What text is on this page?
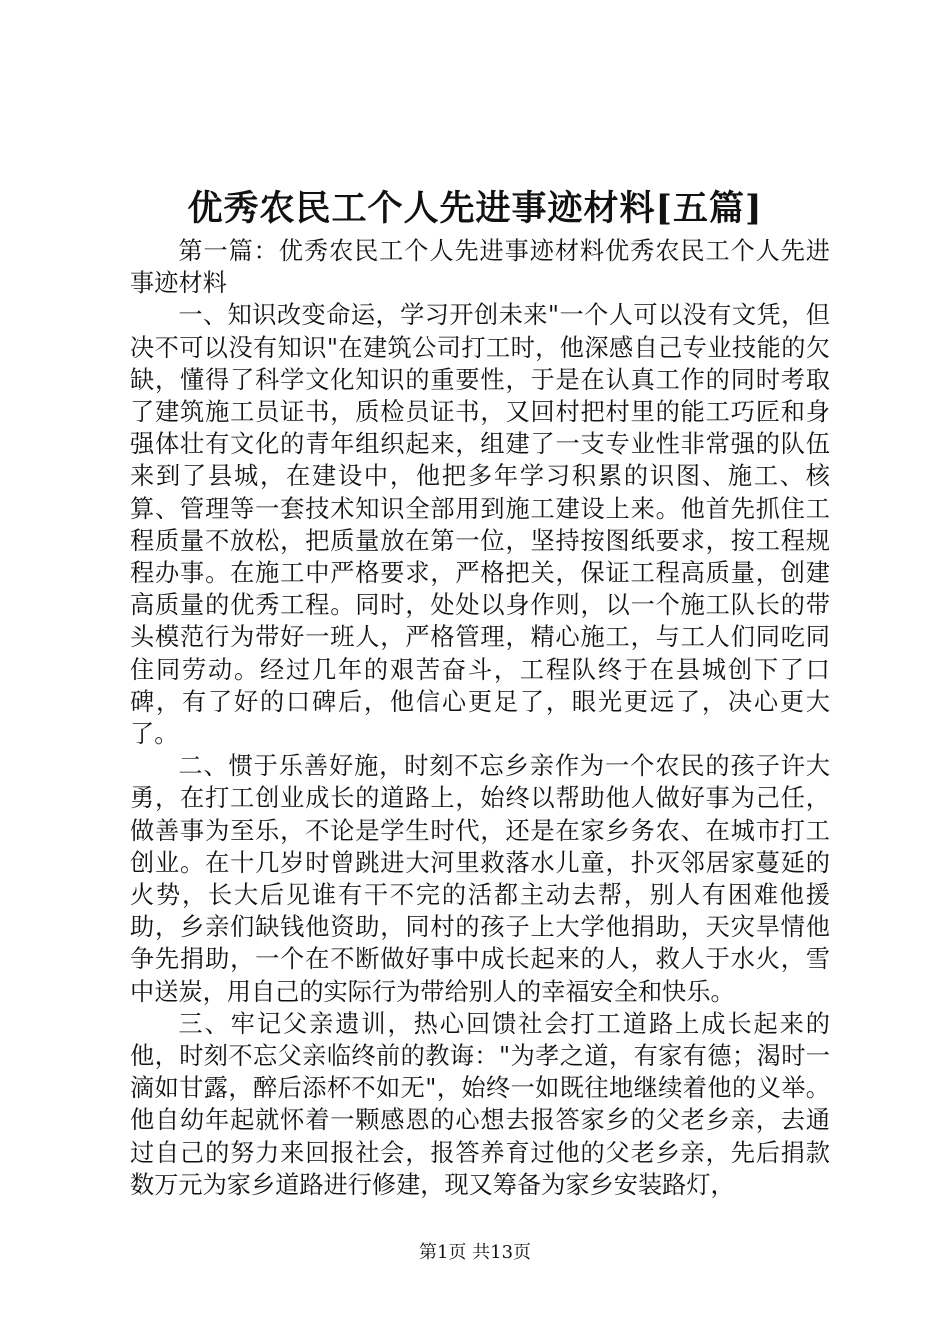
优秀农民工个人先进事迹材料[五篇]

第一篇：优秀农民工个人先进事迹材料优秀农民工个人先进事迹材料

一、知识改变命运，学习开创未来"一个人可以没有文凭，但决不可以没有知识"在建筑公司打工时，他深感自己专业技能的欠缺，懂得了科学文化知识的重要性，于是在认真工作的同时考取了建筑施工员证书，质检员证书，又回村把村里的能工巧匠和身强体壮有文化的青年组织起来，组建了一支专业性非常强的队伍来到了县城，在建设中，他把多年学习积累的识图、施工、核算、管理等一套技术知识全部用到施工建设上来。他首先抓住工程质量不放松，把质量放在第一位，坚持按图纸要求，按工程规程办事。在施工中严格要求，严格把关，保证工程高质量，创建高质量的优秀工程。同时，处处以身作则，以一个施工队长的带头模范行为带好一班人，严格管理，精心施工，与工人们同吃同住同劳动。经过几年的艰苦奋斗，工程队终于在县城创下了口碑，有了好的口碑后，他信心更足了，眼光更远了，决心更大了。

二、惯于乐善好施，时刻不忘乡亲作为一个农民的孩子许大勇，在打工创业成长的道路上，始终以帮助他人做好事为己任，做善事为至乐，不论是学生时代，还是在家乡务农、在城市打工创业。在十几岁时曾跳进大河里救落水儿童，扑灭邻居家蔓延的火势，长大后见谁有干不完的活都主动去帮，别人有困难他援助，乡亲们缺钱他资助，同村的孩子上大学他捐助，天灾旱情他争先捐助，一个在不断做好事中成长起来的人，救人于水火，雪中送炭，用自己的实际行为带给别人的幸福安全和快乐。

三、牢记父亲遗训，热心回馈社会打工道路上成长起来的他，时刻不忘父亲临终前的教诲："为孝之道，有家有德；渴时一滴如甘露，醉后添杯不如无"，始终一如既往地继续着他的义举。他自幼年起就怀着一颗感恩的心想去报答家乡的父老乡亲，去通过自己的努力来回报社会，报答养育过他的父老乡亲，先后捐款数万元为家乡道路进行修建，现又筹备为家乡安装路灯，

第1页 共13页
